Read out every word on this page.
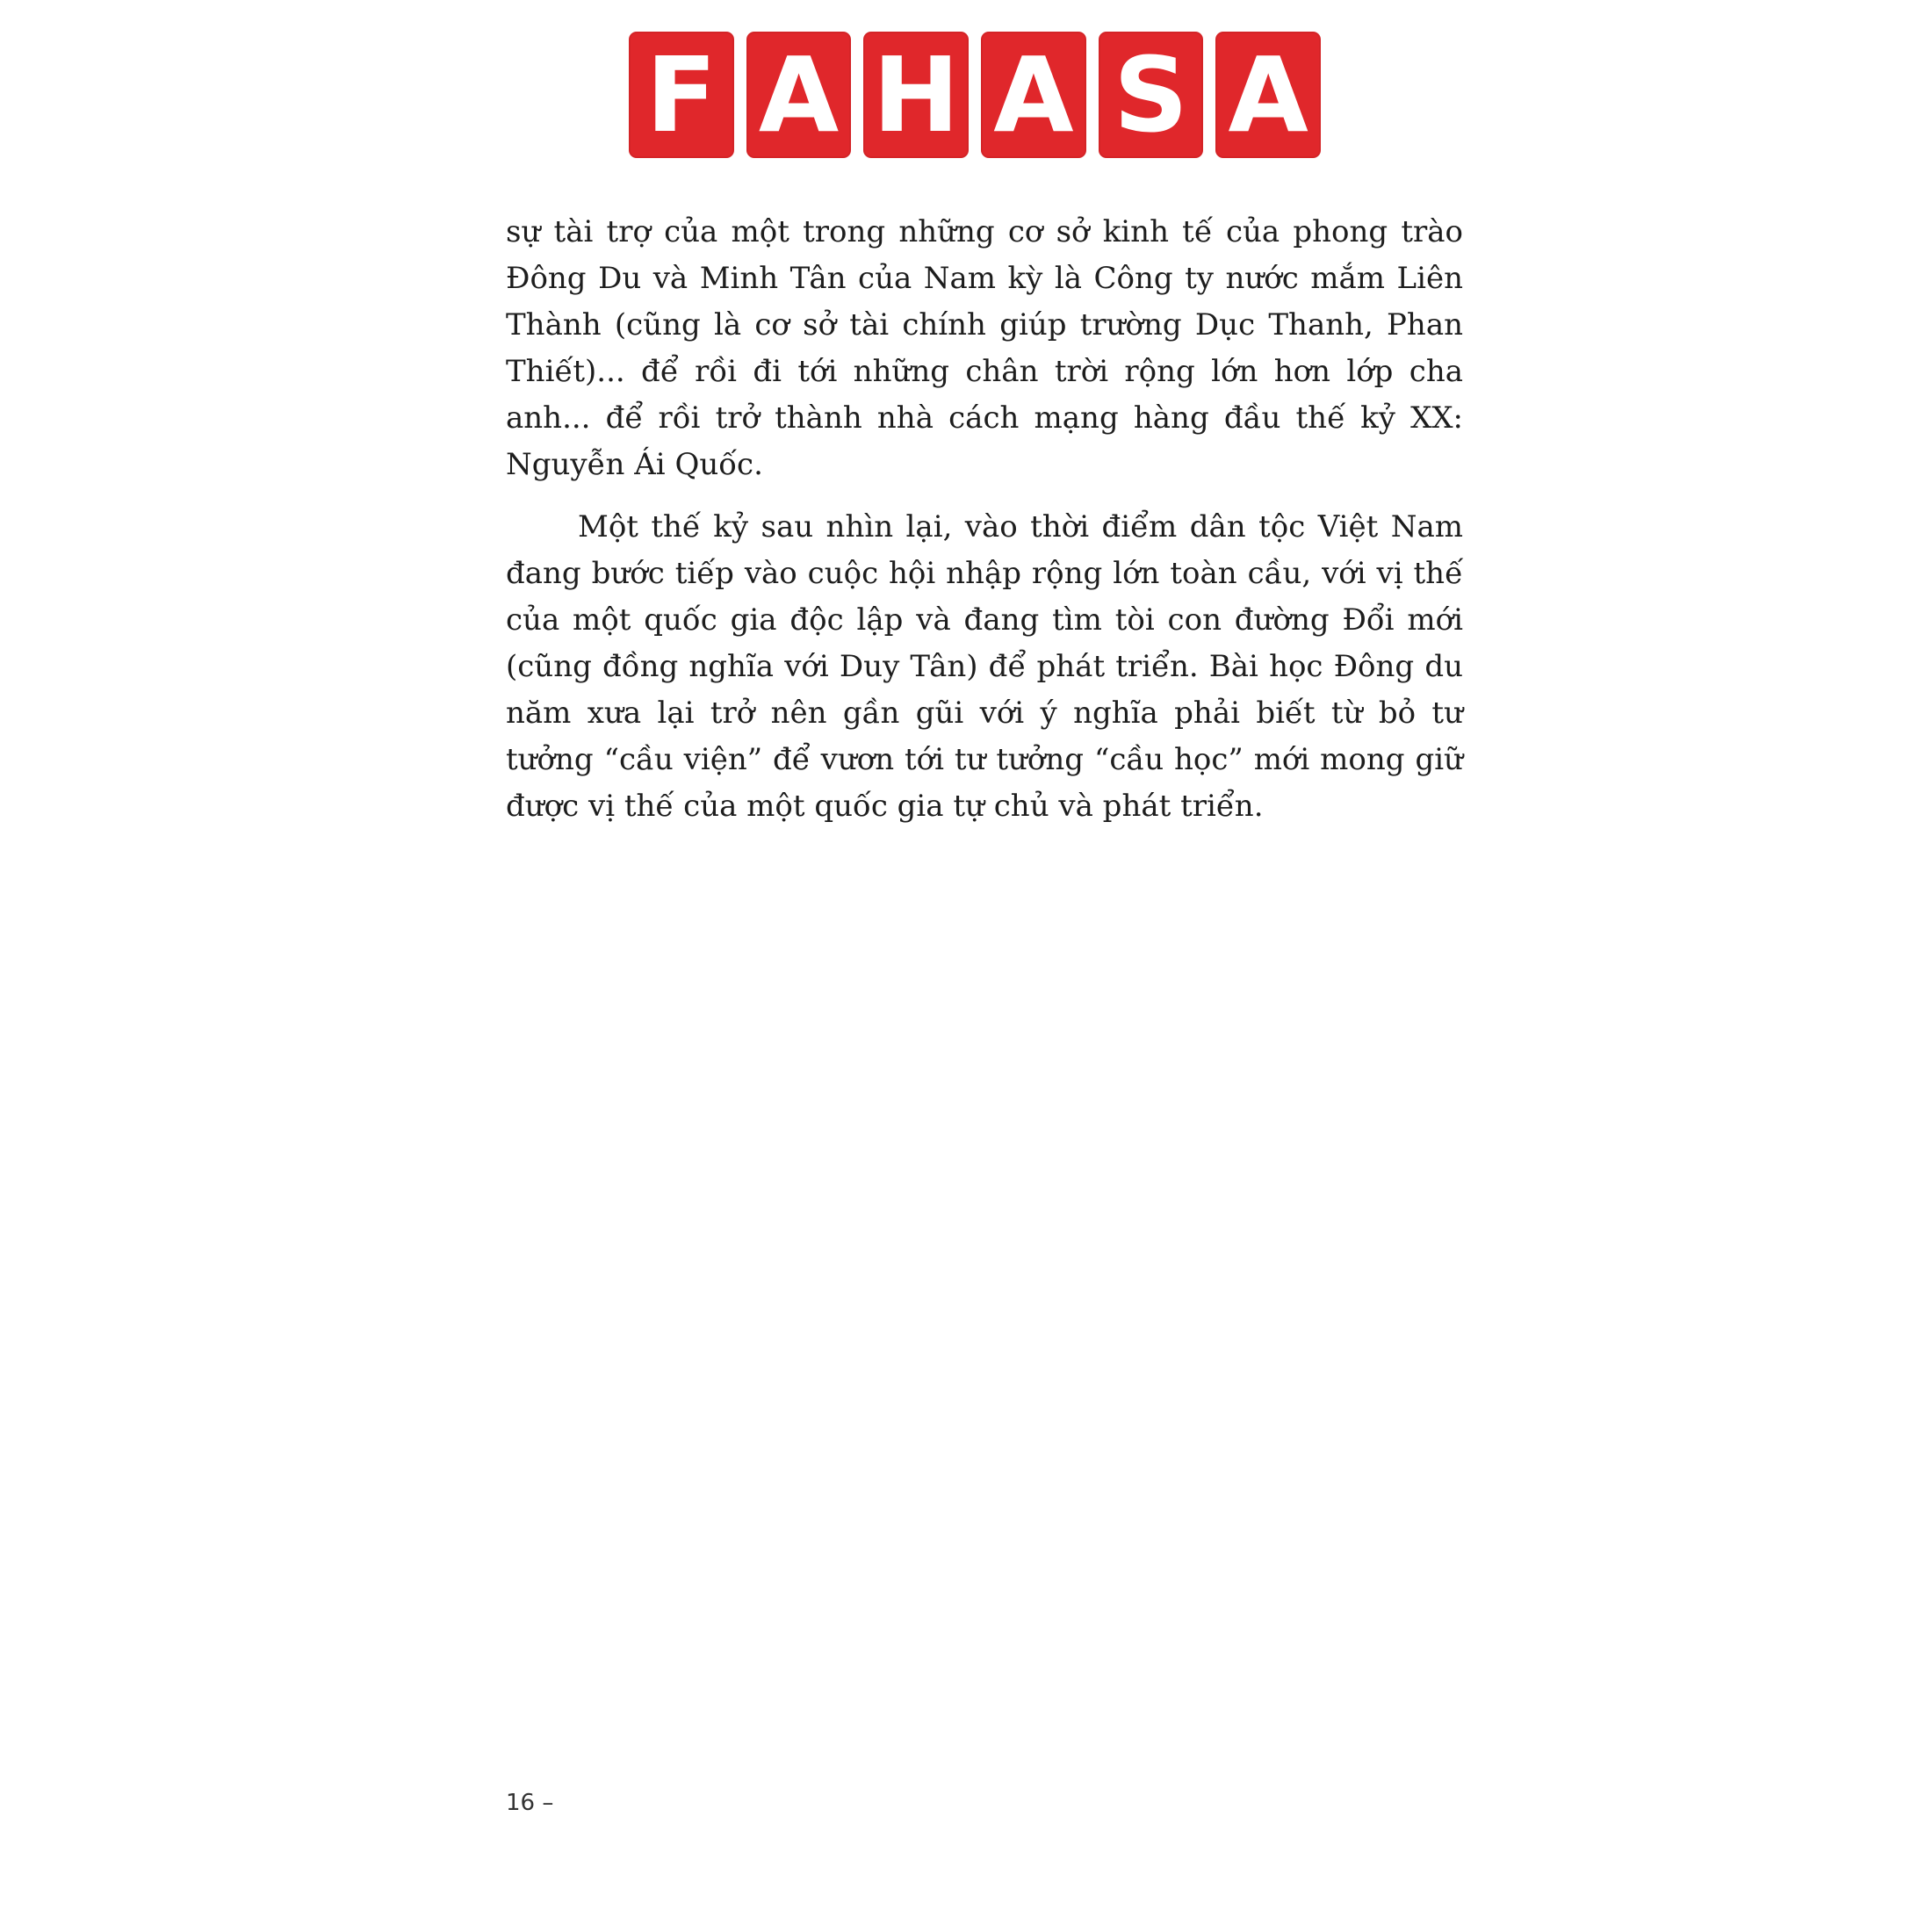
F A H A S A

sự tài trợ của một trong những cơ sở kinh tế của phong trào Đông Du và Minh Tân của Nam kỳ là Công ty nước mắm Liên Thành (cũng là cơ sở tài chính giúp trường Dục Thanh, Phan Thiết)... để rồi đi tới những chân trời rộng lớn hơn lớp cha anh... để rồi trở thành nhà cách mạng hàng đầu thế kỷ XX: Nguyễn Ái Quốc.

Một thế kỷ sau nhìn lại, vào thời điểm dân tộc Việt Nam đang bước tiếp vào cuộc hội nhập rộng lớn toàn cầu, với vị thế của một quốc gia độc lập và đang tìm tòi con đường Đổi mới (cũng đồng nghĩa với Duy Tân) để phát triển. Bài học Đông du năm xưa lại trở nên gần gũi với ý nghĩa phải biết từ bỏ tư tưởng “cầu viện” để vươn tới tư tưởng “cầu học” mới mong giữ được vị thế của một quốc gia tự chủ và phát triển.

16 –
